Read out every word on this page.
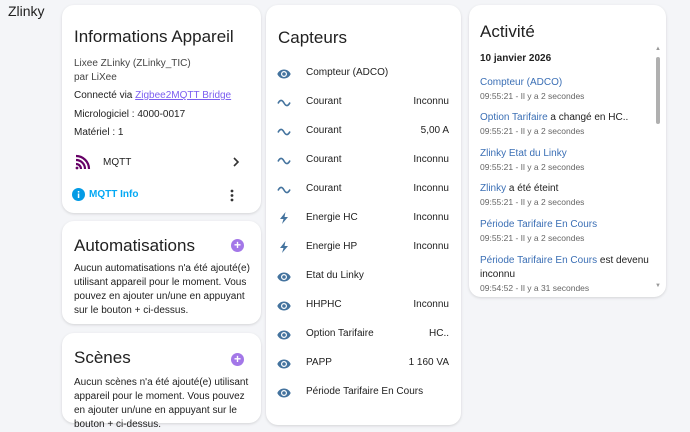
Zlinky
Informations Appareil
Lixee ZLinky (ZLinky_TIC)
par LiXee
Connecté via Zigbee2MQTT Bridge
Micrologiciel : 4000-0017
Matériel : 1
MQTT
MQTT Info
Automatisations	+
Aucun automatisations n'a été ajouté(e) utilisant appareil pour le moment. Vous pouvez en ajouter un/une en appuyant sur le bouton + ci-dessus.
Scènes	+
Aucun scènes n'a été ajouté(e) utilisant appareil pour le moment. Vous pouvez en ajouter un/une en appuyant sur le bouton + ci-dessus.
Capteurs
Compteur (ADCO)
Courant	Inconnu
Courant	5,00 A
Courant	Inconnu
Courant	Inconnu
Energie HC	Inconnu
Energie HP	Inconnu
Etat du Linky
HHPHC	Inconnu
Option Tarifaire	HC..
PAPP	1 160 VA
Période Tarifaire En Cours
Activité
10 janvier 2026
Compteur (ADCO)
09:55:21 - Il y a 2 secondes
Option Tarifaire a changé en HC..
09:55:21 - Il y a 2 secondes
Zlinky Etat du Linky
09:55:21 - Il y a 2 secondes
Zlinky a été éteint
09:55:21 - Il y a 2 secondes
Période Tarifaire En Cours
09:55:21 - Il y a 2 secondes
Période Tarifaire En Cours est devenu inconnu
09:54:52 - Il y a 31 secondes
▲
▼
